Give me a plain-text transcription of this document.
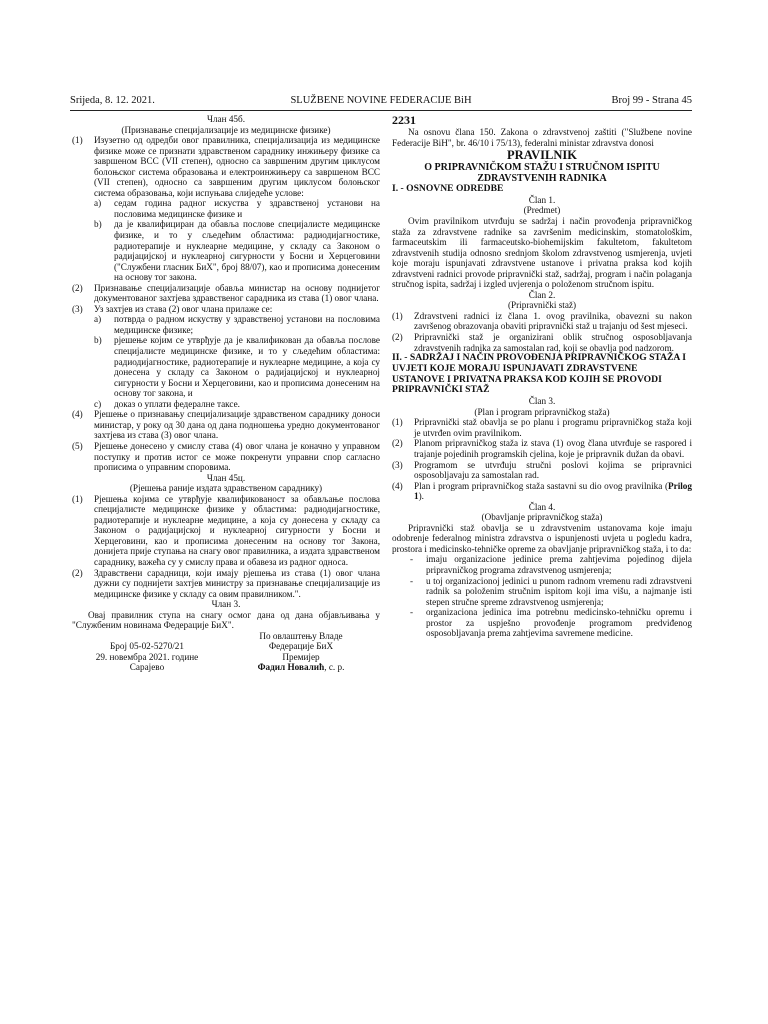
Srijeda, 8. 12. 2021.	SLUŽBENE NOVINE FEDERACIJE BiH	Broj 99 - Strana 45
Члан 45б.
(Признавање специјализације из медицинске физике)
(1) Изузетно од одредби овог правилника, специјализација из медицинске физике може се признати здравственом сараднику инжињеру физике са завршеном ВСС (VII степен), односно са завршеним другим циклусом болоњског система образовања и електроинжињеру са завршеном ВСС (VII степен), односно са завршеним другим циклусом болоњског система образовања, који испуњава слиједеће услове:
a) седам година радног искуства у здравственој установи на пословима медицинске физике и
b) да је квалифициран да обавља послове специјалисте медицинске физике, и то у сљедећим областима: радиодијагностике, радиотерапије и нуклеарне медицине, у складу са Законом о радијацијској и нуклеарној сигурности у Босни и Херцеговини ("Службени гласник БиХ", број 88/07), као и прописима донесеним на основу тог закона.
(2) Признавање специјализације обавља министар на основу поднијетог документованог захтјева здравственог сарадника из става (1) овог члана.
(3) Уз захтјев из става (2) овог члана прилаже се:
a) потврда о радном искуству у здравственој установи на пословима медицинске физике;
b) рјешење којим се утврђује да је квалификован да обавља послове специјалисте медицинске физике, и то у сљедећим областима: радиодијагностике, радиотерапије и нуклеарне медицине, а која су донесена у складу са Законом о радијацијској и нуклеарној сигурности у Босни и Херцеговини, као и прописима донесеним на основу тог закона, и
c) доказ о уплати федералне таксе.
(4) Рјешење о признавању специјализације здравственом сараднику доноси министар, у року од 30 дана од дана подношења уредно документованог захтјева из става (3) овог члана.
(5) Рјешење донесено у смислу става (4) овог члана је коначно у управном поступку и против истог се може покренути управни спор сагласно прописима о управним споровима.
Члан 45ц.
(Рјешења раније издата здравственом сараднику)
(1) Рјешења којима се утврђује квалификованост за обављање послова специјалисте медицинске физике у областима: радиодијагностике, радиотерапије и нуклеарне медицине, а која су донесена у складу са Законом о радијацијској и нуклеарној сигурности у Босни и Херцеговини, као и прописима донесеним на основу тог Закона, донијета прије ступања на снагу овог правилника, а издата здравственом сараднику, важећа су у смислу права и обавеза из радног односа.
(2) Здравствени сарадници, који имају рјешења из става (1) овог члана дужни су поднијети захтјев министру за признавање специјализације из медицинске физике у складу са овим правилником.".
Члан 3.
Овај правилник ступа на снагу осмог дана од дана објављивања у "Службеним новинама Федерације БиХ".
По овлаштењу Владе
Број 05-02-5270/21	Федерације БиХ
29. новембра 2021. године	Премијер
Сарајево	Фадил Новалић, с. р.
2231
Na osnovu člana 150. Zakona o zdravstvenoj zaštiti ("Službene novine Federacije BiH", br. 46/10 i 75/13), federalni ministar zdravstva donosi
PRAVILNIK
O PRIPRAVNIČKOM STAŽU I STRUČNOM ISPITU ZDRAVSTVENIH RADNIKA
I. - OSNOVNE ODREDBE
Član 1.
(Predmet)
Ovim pravilnikom utvrđuju se sadržaj i način provođenja pripravničkog staža za zdravstvene radnike sa završenim medicinskim, stomatološkim, farmaceutskim ili farmaceutsko-biohemijskim fakultetom, fakultetom zdravstvenih studija odnosno srednjom školom zdravstvenog usmjerenja, uvjeti koje moraju ispunjavati zdravstvene ustanove i privatna praksa kod kojih zdravstveni radnici provode pripravnički staž, sadržaj, program i način polaganja stručnog ispita, sadržaj i izgled uvjerenja o položenom stručnom ispitu.
Član 2.
(Pripravnički staž)
(1) Zdravstveni radnici iz člana 1. ovog pravilnika, obavezni su nakon završenog obrazovanja obaviti pripravnički staž u trajanju od šest mjeseci.
(2) Pripravnički staž je organizirani oblik stručnog osposobljavanja zdravstvenih radnika za samostalan rad, koji se obavlja pod nadzorom.
II. - SADRŽAJ I NAČIN PROVOĐENJA PRIPRAVNIČKOG STAŽA I UVJETI KOJE MORAJU ISPUNJAVATI ZDRAVSTVENE USTANOVE I PRIVATNA PRAKSA KOD KOJIH SE PROVODI PRIPRAVNIČKI STAŽ
Član 3.
(Plan i program pripravničkog staža)
(1) Pripravnički staž obavlja se po planu i programu pripravničkog staža koji je utvrđen ovim pravilnikom.
(2) Planom pripravničkog staža iz stava (1) ovog člana utvrđuje se raspored i trajanje pojedinih programskih cjelina, koje je pripravnik dužan da obavi.
(3) Programom se utvrđuju stručni poslovi kojima se pripravnici osposobljavaju za samostalan rad.
(4) Plan i program pripravničkog staža sastavni su dio ovog pravilnika (Prilog 1).
Član 4.
(Obavljanje pripravničkog staža)
Pripravnički staž obavlja se u zdravstvenim ustanovama koje imaju odobrenje federalnog ministra zdravstva o ispunjenosti uvjeta u pogledu kadra, prostora i medicinsko-tehničke opreme za obavljanje pripravničkog staža, i to da:
- imaju organizacione jedinice prema zahtjevima pojedinog dijela pripravničkog programa zdravstvenog usmjerenja;
- u toj organizacionoj jedinici u punom radnom vremenu radi zdravstveni radnik sa položenim stručnim ispitom koji ima višu, a najmanje isti stepen stručne spreme zdravstvenog usmjerenja;
- organizaciona jedinica ima potrebnu medicinsko-tehničku opremu i prostor za uspješno provođenje programom predviđenog osposobljavanja prema zahtjevima savremene medicine.
